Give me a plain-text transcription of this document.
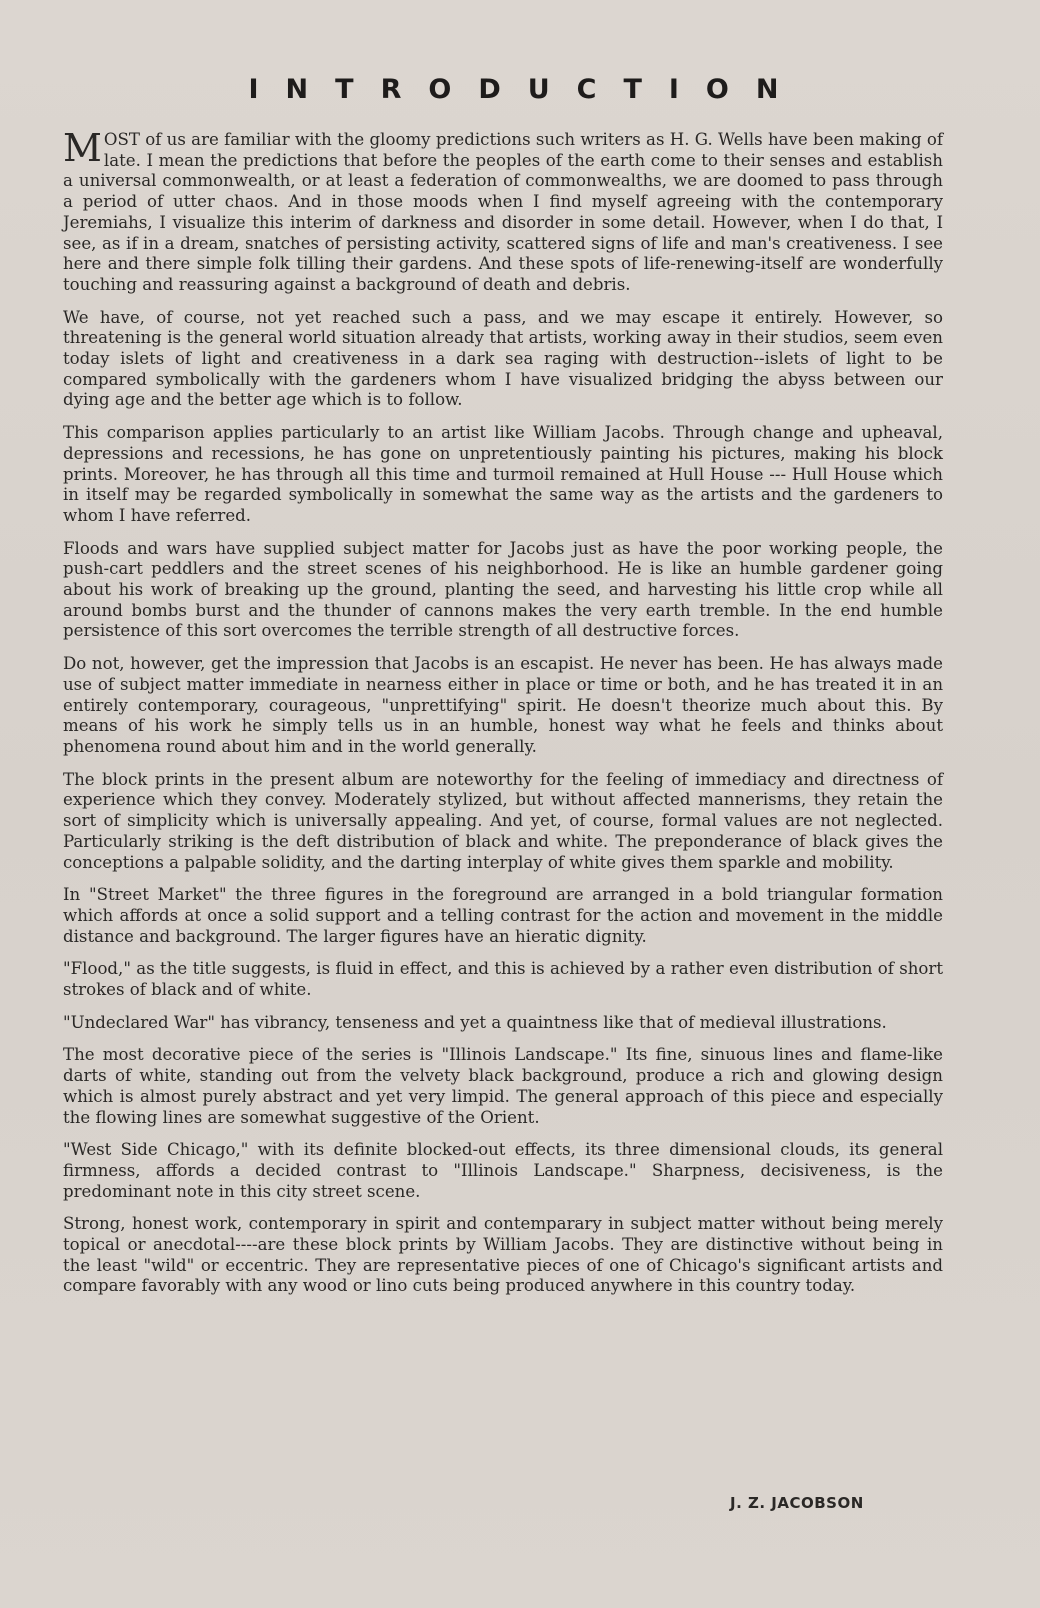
INTRODUCTION

MOST of us are familiar with the gloomy predictions such writers as H. G. Wells have been making of late. I mean the predictions that before the peoples of the earth come to their senses and establish a universal commonwealth, or at least a federation of commonwealths, we are doomed to pass through a period of utter chaos. And in those moods when I find myself agreeing with the contemporary Jeremiahs, I visualize this interim of darkness and disorder in some detail. However, when I do that, I see, as if in a dream, snatches of persisting activity, scattered signs of life and man's creativeness. I see here and there simple folk tilling their gardens. And these spots of life-renewing-itself are wonderfully touching and reassuring against a background of death and debris.

We have, of course, not yet reached such a pass, and we may escape it entirely. However, so threatening is the general world situation already that artists, working away in their studios, seem even today islets of light and creativeness in a dark sea raging with destruction--islets of light to be compared symbolically with the gardeners whom I have visualized bridging the abyss between our dying age and the better age which is to follow.

This comparison applies particularly to an artist like William Jacobs. Through change and upheaval, depressions and recessions, he has gone on unpretentiously painting his pictures, making his block prints. Moreover, he has through all this time and turmoil remained at Hull House --- Hull House which in itself may be regarded symbolically in somewhat the same way as the artists and the gardeners to whom I have referred.

Floods and wars have supplied subject matter for Jacobs just as have the poor working people, the push-cart peddlers and the street scenes of his neighborhood. He is like an humble gardener going about his work of breaking up the ground, planting the seed, and harvesting his little crop while all around bombs burst and the thunder of cannons makes the very earth tremble. In the end humble persistence of this sort overcomes the terrible strength of all destructive forces.

Do not, however, get the impression that Jacobs is an escapist. He never has been. He has always made use of subject matter immediate in nearness either in place or time or both, and he has treated it in an entirely contemporary, courageous, "unprettifying" spirit. He doesn't theorize much about this. By means of his work he simply tells us in an humble, honest way what he feels and thinks about phenomena round about him and in the world generally.

The block prints in the present album are noteworthy for the feeling of immediacy and directness of experience which they convey. Moderately stylized, but without affected mannerisms, they retain the sort of simplicity which is universally appealing. And yet, of course, formal values are not neglected. Particularly striking is the deft distribution of black and white. The preponderance of black gives the conceptions a palpable solidity, and the darting interplay of white gives them sparkle and mobility.

In "Street Market" the three figures in the foreground are arranged in a bold triangular formation which affords at once a solid support and a telling contrast for the action and movement in the middle distance and background. The larger figures have an hieratic dignity.

"Flood," as the title suggests, is fluid in effect, and this is achieved by a rather even distribution of short strokes of black and of white.

"Undeclared War" has vibrancy, tenseness and yet a quaintness like that of medieval illustrations.

The most decorative piece of the series is "Illinois Landscape." Its fine, sinuous lines and flame-like darts of white, standing out from the velvety black background, produce a rich and glowing design which is almost purely abstract and yet very limpid. The general approach of this piece and especially the flowing lines are somewhat suggestive of the Orient.

"West Side Chicago," with its definite blocked-out effects, its three dimensional clouds, its general firmness, affords a decided contrast to "Illinois Landscape." Sharpness, decisiveness, is the predominant note in this city street scene.

Strong, honest work, contemporary in spirit and contemparary in subject matter without being merely topical or anecdotal----are these block prints by William Jacobs. They are distinctive without being in the least "wild" or eccentric. They are representative pieces of one of Chicago's significant artists and compare favorably with any wood or lino cuts being produced anywhere in this country today.

J. Z. JACOBSON
